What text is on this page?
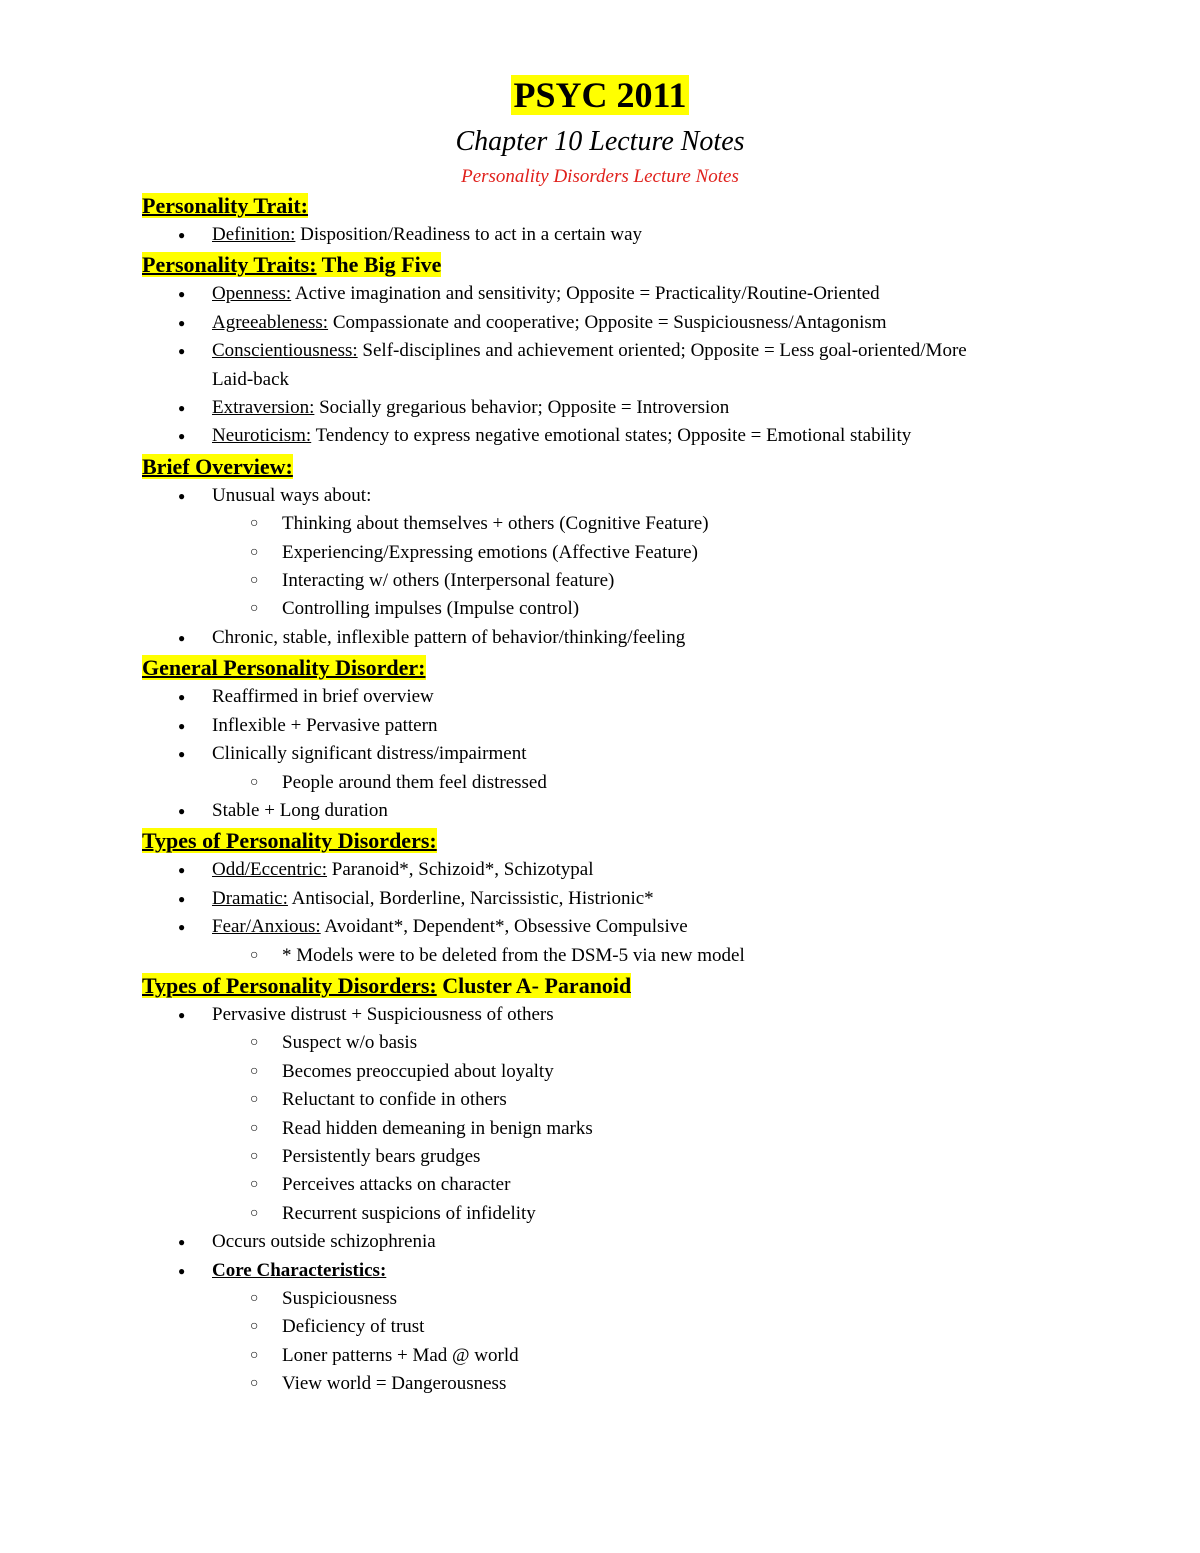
PSYC 2011
Chapter 10 Lecture Notes
Personality Disorders Lecture Notes
Personality Trait:
● Definition: Disposition/Readiness to act in a certain way
Personality Traits: The Big Five
● Openness: Active imagination and sensitivity; Opposite = Practicality/Routine-Oriented
● Agreeableness: Compassionate and cooperative; Opposite = Suspiciousness/Antagonism
● Conscientiousness: Self-disciplines and achievement oriented; Opposite = Less goal-oriented/More Laid-back
● Extraversion: Socially gregarious behavior; Opposite = Introversion
● Neuroticism: Tendency to express negative emotional states; Opposite = Emotional stability
Brief Overview:
● Unusual ways about:
○ Thinking about themselves + others (Cognitive Feature)
○ Experiencing/Expressing emotions (Affective Feature)
○ Interacting w/ others (Interpersonal feature)
○ Controlling impulses (Impulse control)
● Chronic, stable, inflexible pattern of behavior/thinking/feeling
General Personality Disorder:
● Reaffirmed in brief overview
● Inflexible + Pervasive pattern
● Clinically significant distress/impairment
○ People around them feel distressed
● Stable + Long duration
Types of Personality Disorders:
● Odd/Eccentric: Paranoid*, Schizoid*, Schizotypal
● Dramatic: Antisocial, Borderline, Narcissistic, Histrionic*
● Fear/Anxious: Avoidant*, Dependent*, Obsessive Compulsive
○ * Models were to be deleted from the DSM-5 via new model
Types of Personality Disorders: Cluster A- Paranoid
● Pervasive distrust + Suspiciousness of others
○ Suspect w/o basis
○ Becomes preoccupied about loyalty
○ Reluctant to confide in others
○ Read hidden demeaning in benign marks
○ Persistently bears grudges
○ Perceives attacks on character
○ Recurrent suspicions of infidelity
● Occurs outside schizophrenia
● Core Characteristics:
○ Suspiciousness
○ Deficiency of trust
○ Loner patterns + Mad @ world
○ View world = Dangerousness
